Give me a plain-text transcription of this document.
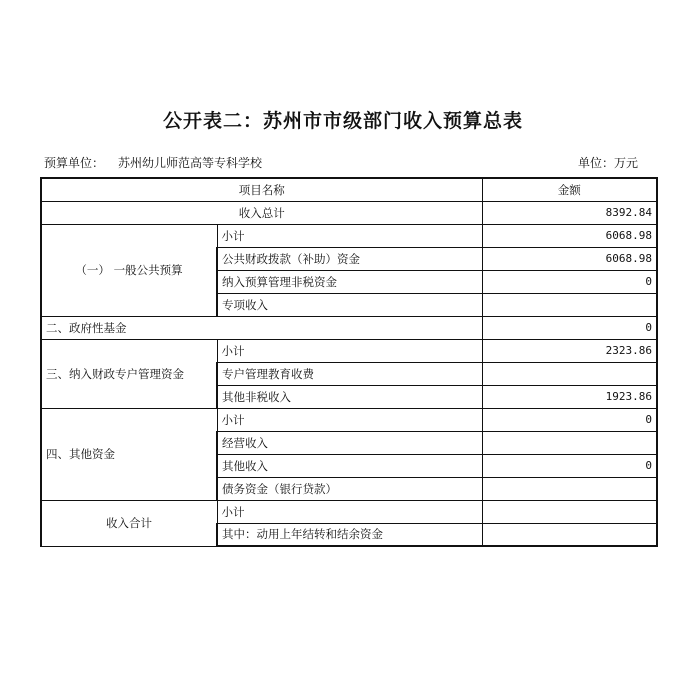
公开表二：苏州市市级部门收入预算总表
预算单位： 苏州幼儿师范高等专科学校	单位：万元
项目名称		金额
收入总计		8392.84
（一） 一般公共预算	小计	6068.98
	公共财政拨款（补助）资金	6068.98
	纳入预算管理非税资金	0
	专项收入	
二、政府性基金		0
三、纳入财政专户管理资金	小计	2323.86
	专户管理教育收费	
	其他非税收入	1923.86
四、其他资金	小计	0
	经营收入	
	其他收入	0
	债务资金（银行贷款）	
收入合计	小计	
	其中：动用上年结转和结余资金	
